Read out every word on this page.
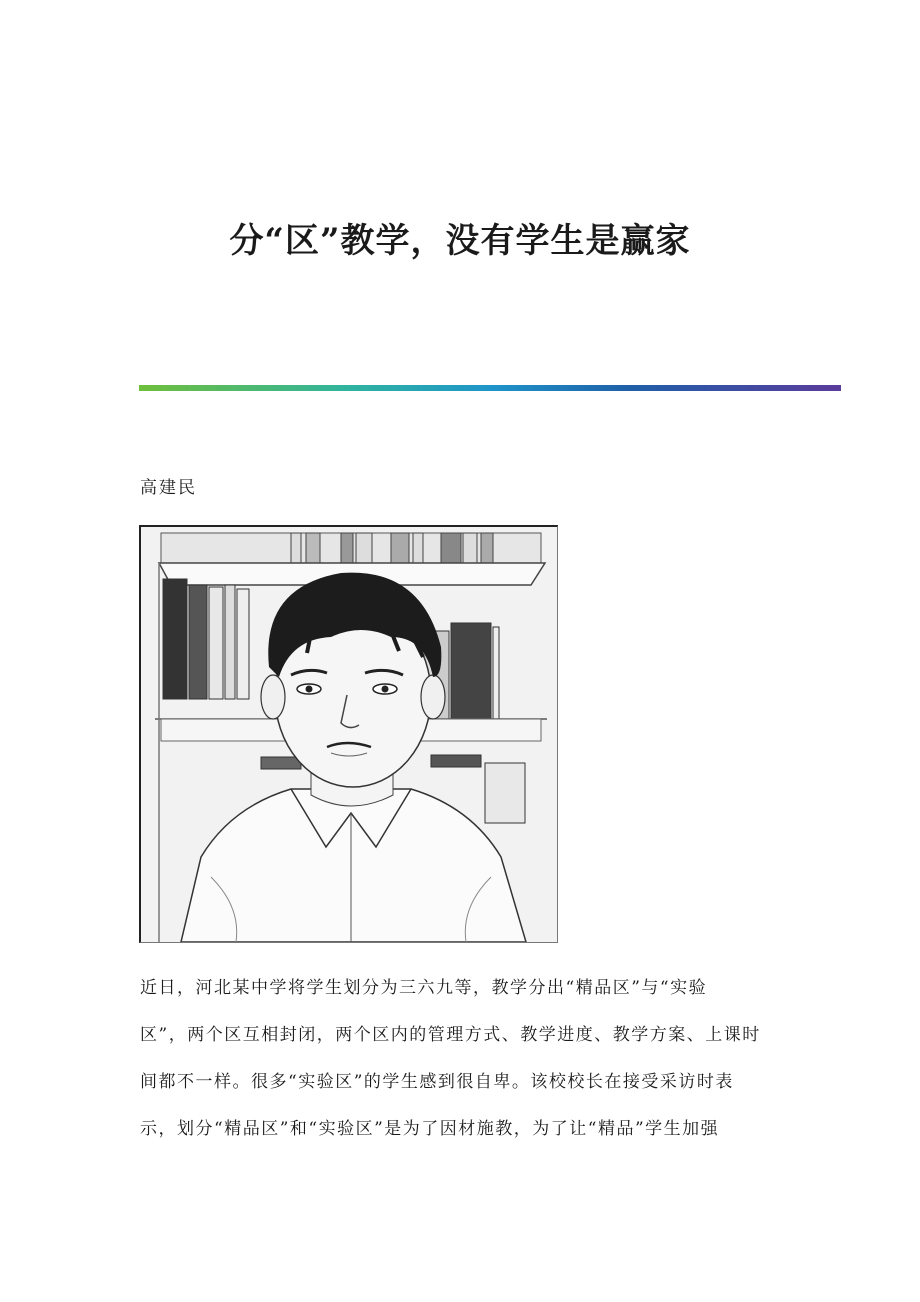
分“区”教学，没有学生是赢家
高建民
近日，河北某中学将学生划分为三六九等，教学分出“精品区”与“实验
区”，两个区互相封闭，两个区内的管理方式、教学进度、教学方案、上课时
间都不一样。很多“实验区”的学生感到很自卑。该校校长在接受采访时表
示，划分“精品区”和“实验区”是为了因材施教，为了让“精品”学生加强
